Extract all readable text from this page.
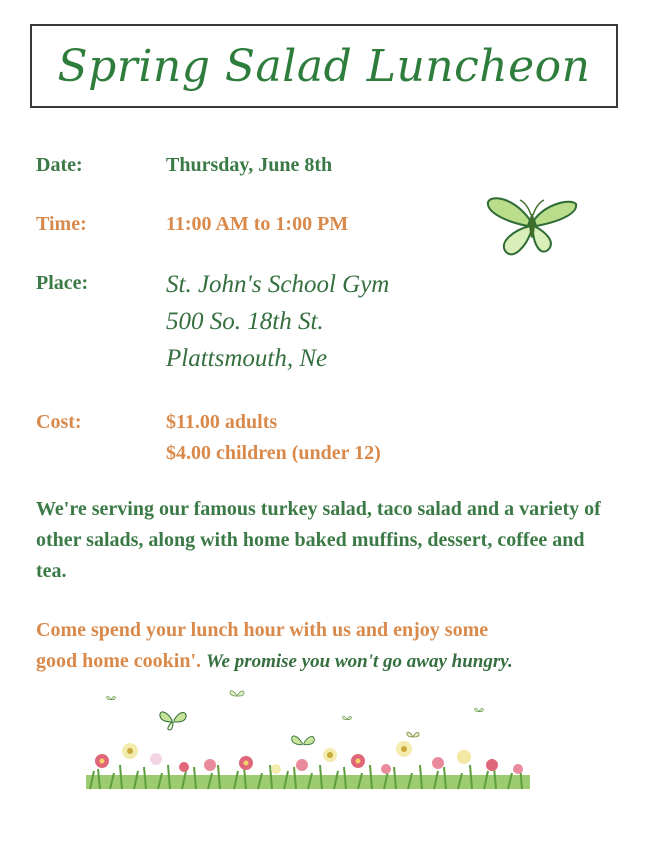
Spring Salad Luncheon
Date:	Thursday, June 8th
Time:	11:00 AM to 1:00 PM
Place:	St. John's School Gym
500 So. 18th St.
Plattsmouth, Ne
Cost:	$11.00 adults
$4.00 children (under 12)
We're serving our famous turkey salad, taco salad and a variety of other salads, along with home baked muffins, dessert, coffee and tea.
Come spend your lunch hour with us and enjoy some
good home cookin'. We promise you won't go away hungry.
